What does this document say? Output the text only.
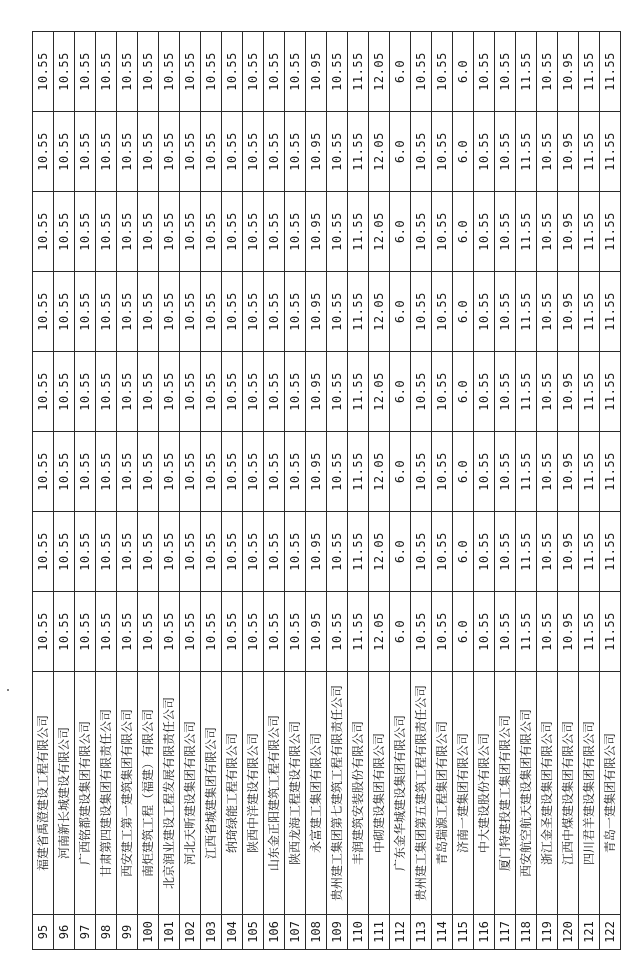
95	福建省禹澄建设工程有限公司	10.55	10.55	10.55	10.55	10.55	10.55	10.55	10.55
96	河南新长城建设有限公司	10.55	10.55	10.55	10.55	10.55	10.55	10.55	10.55
97	广西铭都建设集团有限公司	10.55	10.55	10.55	10.55	10.55	10.55	10.55	10.55
98	甘肃第四建设集团有限责任公司	10.55	10.55	10.55	10.55	10.55	10.55	10.55	10.55
99	西安建工第一建筑集团有限公司	10.55	10.55	10.55	10.55	10.55	10.55	10.55	10.55
100	南炬建筑工程（福建）有限公司	10.55	10.55	10.55	10.55	10.55	10.55	10.55	10.55
101	北京润业建设工程发展有限责任公司	10.55	10.55	10.55	10.55	10.55	10.55	10.55	10.55
102	河北天昕建设集团有限公司	10.55	10.55	10.55	10.55	10.55	10.55	10.55	10.55
103	江西省城建集团有限公司	10.55	10.55	10.55	10.55	10.55	10.55	10.55	10.55
104	纳琦绿能工程有限公司	10.55	10.55	10.55	10.55	10.55	10.55	10.55	10.55
105	陕西中洋建设有限公司	10.55	10.55	10.55	10.55	10.55	10.55	10.55	10.55
106	山东金正阳建筑工程有限公司	10.55	10.55	10.55	10.55	10.55	10.55	10.55	10.55
107	陕西龙海工程建设有限公司	10.55	10.55	10.55	10.55	10.55	10.55	10.55	10.55
108	永富建工集团有限公司	10.95	10.95	10.95	10.95	10.95	10.95	10.95	10.95
109	贵州建工集团第七建筑工程有限责任公司	10.55	10.55	10.55	10.55	10.55	10.55	10.55	10.55
110	丰润建筑安装股份有限公司	11.55	11.55	11.55	11.55	11.55	11.55	11.55	11.55
111	中砌建设集团有限公司	12.05	12.05	12.05	12.05	12.05	12.05	12.05	12.05
112	广东金华城建设集团有限公司	6.0	6.0	6.0	6.0	6.0	6.0	6.0	6.0
113	贵州建工集团第五建筑工程有限责任公司	10.55	10.55	10.55	10.55	10.55	10.55	10.55	10.55
114	青岛瑞源工程集团有限公司	10.55	10.55	10.55	10.55	10.55	10.55	10.55	10.55
115	济南一建集团有限公司	6.0	6.0	6.0	6.0	6.0	6.0	6.0	6.0
116	中大建设股份有限公司	10.55	10.55	10.55	10.55	10.55	10.55	10.55	10.55
117	厦门特建投建工集团有限公司	10.55	10.55	10.55	10.55	10.55	10.55	10.55	10.55
118	西安航空航天建设集团有限公司	11.55	11.55	11.55	11.55	11.55	11.55	11.55	11.55
119	浙江金圣建设集团有限公司	10.55	10.55	10.55	10.55	10.55	10.55	10.55	10.55
120	江西中煤建设集团有限公司	10.95	10.95	10.95	10.95	10.95	10.95	10.95	10.95
121	四川君羊建设集团有限公司	11.55	11.55	11.55	11.55	11.55	11.55	11.55	11.55
122	青岛一建集团有限公司	11.55	11.55	11.55	11.55	11.55	11.55	11.55	11.55
